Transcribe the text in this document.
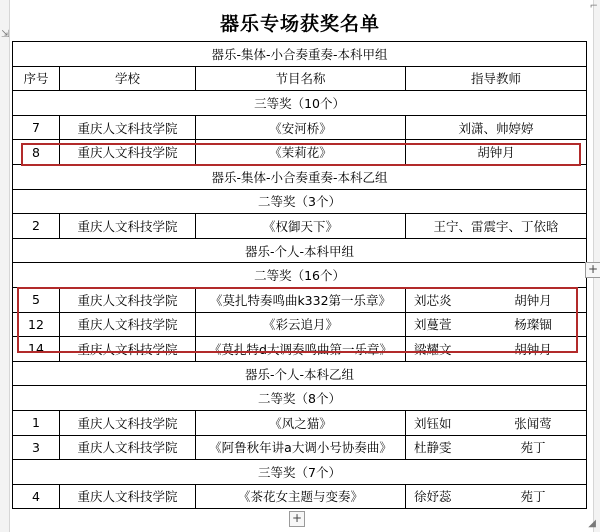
⇲
⌐
◢
器乐专场获奖名单
器乐-集体-小合奏重奏-本科甲组			
序号	学校	节目名称	指导教师
三等奖（10个）			
7	重庆人文科技学院	《安河桥》	刘潇、帅婷婷
8	重庆人文科技学院	《茉莉花》	胡钟月
器乐-集体-小合奏重奏-本科乙组			
二等奖（3个）			
2	重庆人文科技学院	《权御天下》	王宁、雷震宇、丁依晗
器乐-个人-本科甲组			
二等奖（16个）			
5	重庆人文科技学院	《莫扎特奏鸣曲k332第一乐章》	刘芯炎 胡钟月
12	重庆人文科技学院	《彩云追月》	刘蔓萱 杨璨锢
14	重庆人文科技学院	《莫扎特d大调奏鸣曲第一乐章》	梁耀文 胡钟月
器乐-个人-本科乙组			
二等奖（8个）			
1	重庆人文科技学院	《风之猫》	刘钰如 张闻莺
3	重庆人文科技学院	《阿鲁秋年讲a大调小号协奏曲》	杜静雯 苑丁
三等奖（7个）			
4	重庆人文科技学院	《茶花女主题与变奏》	徐妤蕊 苑丁
+
+
